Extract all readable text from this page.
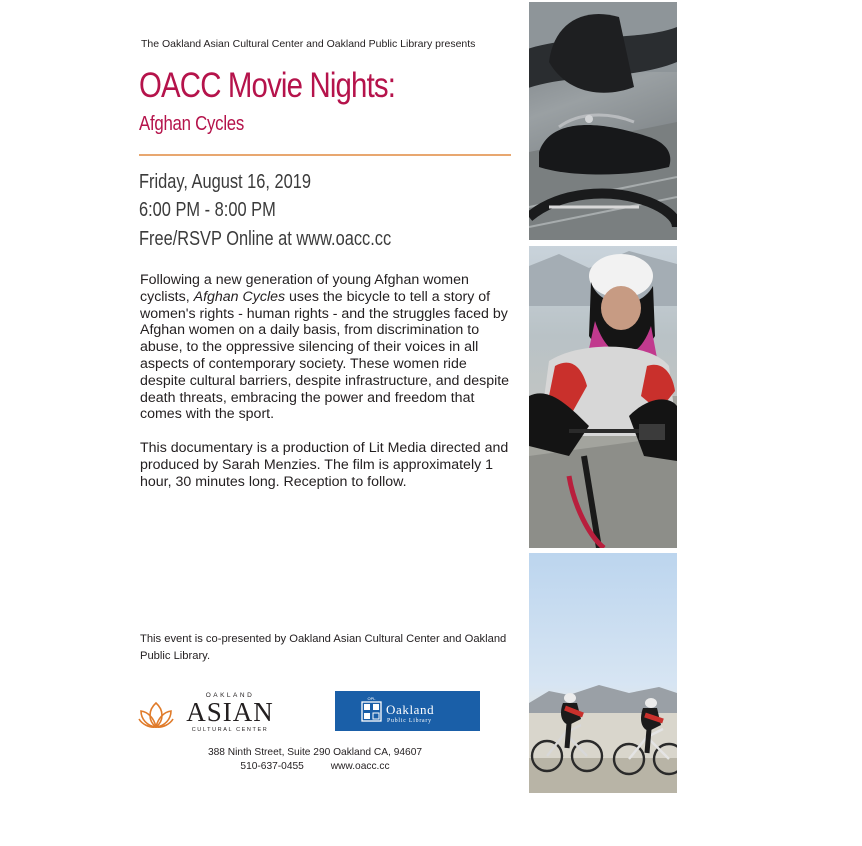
The Oakland Asian Cultural Center and Oakland Public Library presents
OACC Movie Nights:
Afghan Cycles
Friday, August 16, 2019
6:00 PM - 8:00 PM
Free/RSVP Online at www.oacc.cc

Following a new generation of young Afghan women cyclists, Afghan Cycles uses the bicycle to tell a story of women's rights - human rights - and the struggles faced by Afghan women on a daily basis, from discrimination to abuse, to the oppressive silencing of their voices in all aspects of contemporary society. These women ride despite cultural barriers, despite infrastructure, and despite death threats, embracing the power and freedom that comes with the sport.

This documentary is a production of Lit Media directed and produced by Sarah Menzies. The film is approximately 1 hour, 30 minutes long. Reception to follow.

This event is co-presented by Oakland Asian Cultural Center and Oakland Public Library.
OAKLAND
ASIAN
CULTURAL CENTER
OPL
Oakland
Public Library
388 Ninth Street, Suite 290 Oakland CA, 94607
510-637-0455	www.oacc.cc
